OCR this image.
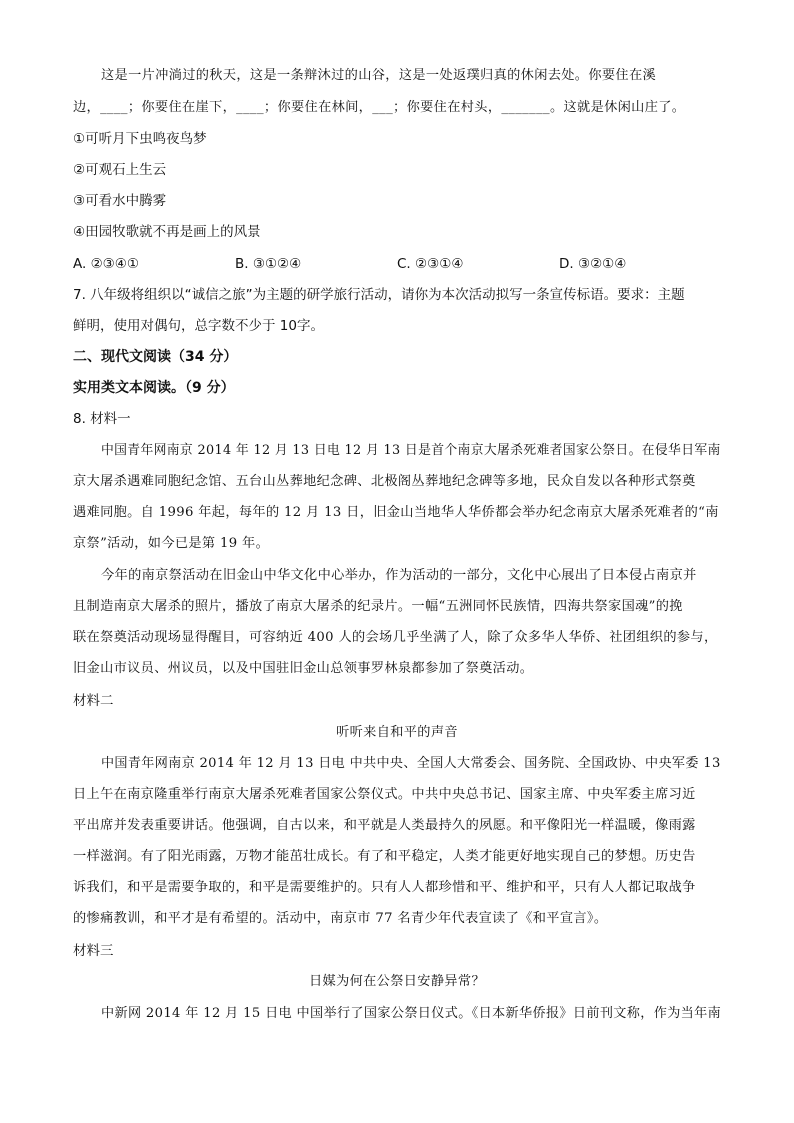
这是一片冲淌过的秋天，这是一条辩沐过的山谷，这是一处返璞归真的休闲去处。你要住在溪
边，____；你要住在崖下，____；你要住在林间，___；你要住在村头，_______。这就是休闲山庄了。
①可听月下虫鸣夜鸟梦
②可观石上生云
③可看水中腾雾
④田园牧歌就不再是画上的风景
A. ②③④①	B. ③①②④	C. ②③①④	D. ③②①④
7. 八年级将组织以“诚信之旅”为主题的研学旅行活动，请你为本次活动拟写一条宣传标语。要求：主题
鲜明，使用对偶句，总字数不少于 10字。
二、现代文阅读（34 分）
实用类文本阅读。（9 分）
8. 材料一
中国青年网南京 2014 年 12 月 13 日电 12 月 13 日是首个南京大屠杀死难者国家公祭日。在侵华日军南
京大屠杀遇难同胞纪念馆、五台山丛葬地纪念碑、北极阁丛葬地纪念碑等多地，民众自发以各种形式祭奠
遇难同胞。自 1996 年起，每年的 12 月 13 日，旧金山当地华人华侨都会举办纪念南京大屠杀死难者的“南
京祭”活动，如今已是第 19 年。
今年的南京祭活动在旧金山中华文化中心举办，作为活动的一部分，文化中心展出了日本侵占南京并
且制造南京大屠杀的照片，播放了南京大屠杀的纪录片。一幅“五洲同怀民族情，四海共祭家国魂”的挽
联在祭奠活动现场显得醒目，可容纳近 400 人的会场几乎坐满了人，除了众多华人华侨、社团组织的参与，
旧金山市议员、州议员，以及中国驻旧金山总领事罗林泉都参加了祭奠活动。
材料二
听听来自和平的声音
中国青年网南京 2014 年 12 月 13 日电 中共中央、全国人大常委会、国务院、全国政协、中央军委 13
日上午在南京隆重举行南京大屠杀死难者国家公祭仪式。中共中央总书记、国家主席、中央军委主席习近
平出席并发表重要讲话。他强调，自古以来，和平就是人类最持久的夙愿。和平像阳光一样温暖，像雨露
一样滋润。有了阳光雨露，万物才能茁壮成长。有了和平稳定，人类才能更好地实现自己的梦想。历史告
诉我们，和平是需要争取的，和平是需要维护的。只有人人都珍惜和平、维护和平，只有人人都记取战争
的惨痛教训，和平才是有希望的。活动中，南京市 77 名青少年代表宣读了《和平宣言》。
材料三
日媒为何在公祭日安静异常？
中新网 2014 年 12 月 15 日电 中国举行了国家公祭日仪式。《日本新华侨报》日前刊文称，作为当年南
